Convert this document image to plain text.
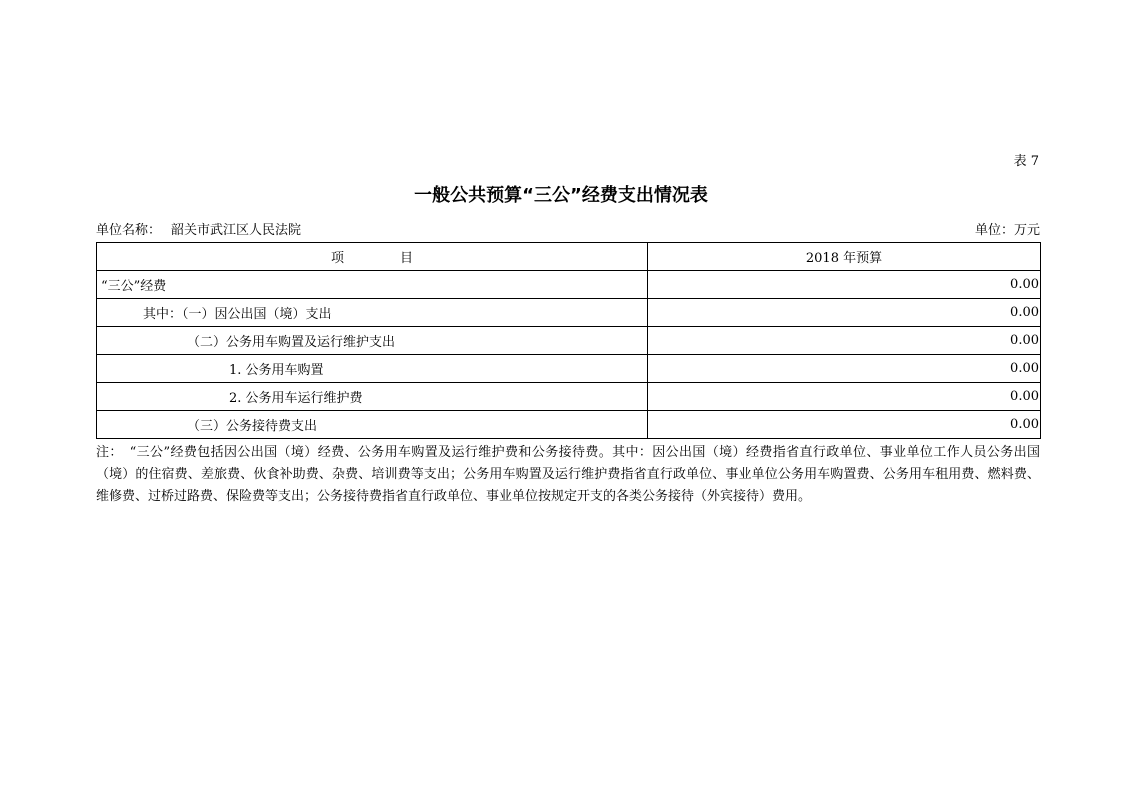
表 7
一般公共预算“三公”经费支出情况表
单位名称： 韶关市武江区人民法院	单位：万元
项 目	2018 年预算
“三公”经费	0.00
其中：（一）因公出国（境）支出	0.00
（二）公务用车购置及运行维护支出	0.00
1. 公务用车购置	0.00
2. 公务用车运行维护费	0.00
（三）公务接待费支出	0.00
注：　“三公”经费包括因公出国（境）经费、公务用车购置及运行维护费和公务接待费。其中：因公出国（境）经费指省直行政单位、事业单位工作人员公务出国（境）的住宿费、差旅费、伙食补助费、杂费、培训费等支出；公务用车购置及运行维护费指省直行政单位、事业单位公务用车购置费、公务用车租用费、燃料费、维修费、过桥过路费、保险费等支出；公务接待费指省直行政单位、事业单位按规定开支的各类公务接待（外宾接待）费用。
